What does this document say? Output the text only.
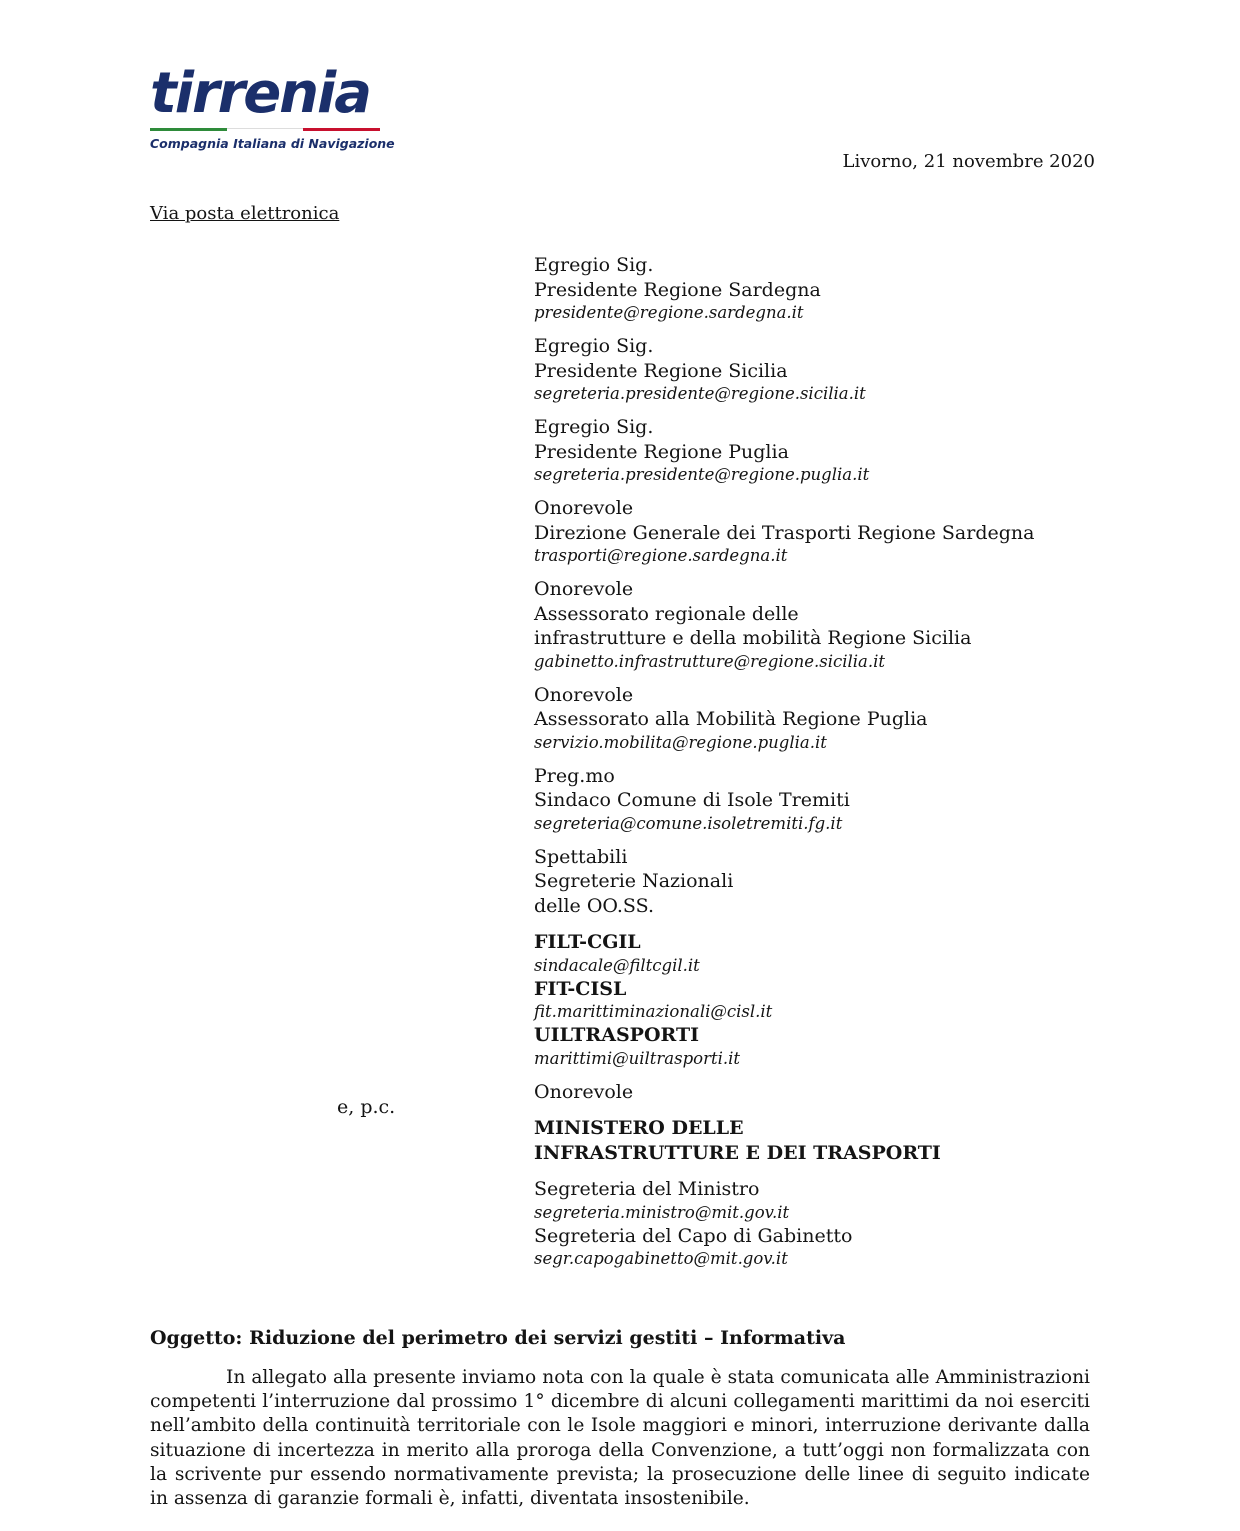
tirrenia
Compagnia Italiana di Navigazione
Livorno, 21 novembre 2020
Via posta elettronica
Egregio Sig.
Presidente Regione Sardegna
presidente@regione.sardegna.it
Egregio Sig.
Presidente Regione Sicilia
segreteria.presidente@regione.sicilia.it
Egregio Sig.
Presidente Regione Puglia
segreteria.presidente@regione.puglia.it
Onorevole
Direzione Generale dei Trasporti Regione Sardegna
trasporti@regione.sardegna.it
Onorevole
Assessorato regionale delle
infrastrutture e della mobilità Regione Sicilia
gabinetto.infrastrutture@regione.sicilia.it
Onorevole
Assessorato alla Mobilità Regione Puglia
servizio.mobilita@regione.puglia.it
Preg.mo
Sindaco Comune di Isole Tremiti
segreteria@comune.isoletremiti.fg.it
Spettabili
Segreterie Nazionali
delle OO.SS.
FILT-CGIL
sindacale@filtcgil.it
FIT-CISL
fit.marittiminazionali@cisl.it
UILTRASPORTI
marittimi@uiltrasporti.it
Onorevole
MINISTERO DELLE
INFRASTRUTTURE E DEI TRASPORTI
Segreteria del Ministro
segreteria.ministro@mit.gov.it
Segreteria del Capo di Gabinetto
segr.capogabinetto@mit.gov.it
e, p.c.
Oggetto: Riduzione del perimetro dei servizi gestiti – Informativa
In allegato alla presente inviamo nota con la quale è stata comunicata alle Amministrazioni competenti l’interruzione dal prossimo 1° dicembre di alcuni collegamenti marittimi da noi eserciti nell’ambito della continuità territoriale con le Isole maggiori e minori, interruzione derivante dalla situazione di incertezza in merito alla proroga della Convenzione, a tutt’oggi non formalizzata con la scrivente pur essendo normativamente prevista; la prosecuzione delle linee di seguito indicate in assenza di garanzie formali è, infatti, diventata insostenibile.
